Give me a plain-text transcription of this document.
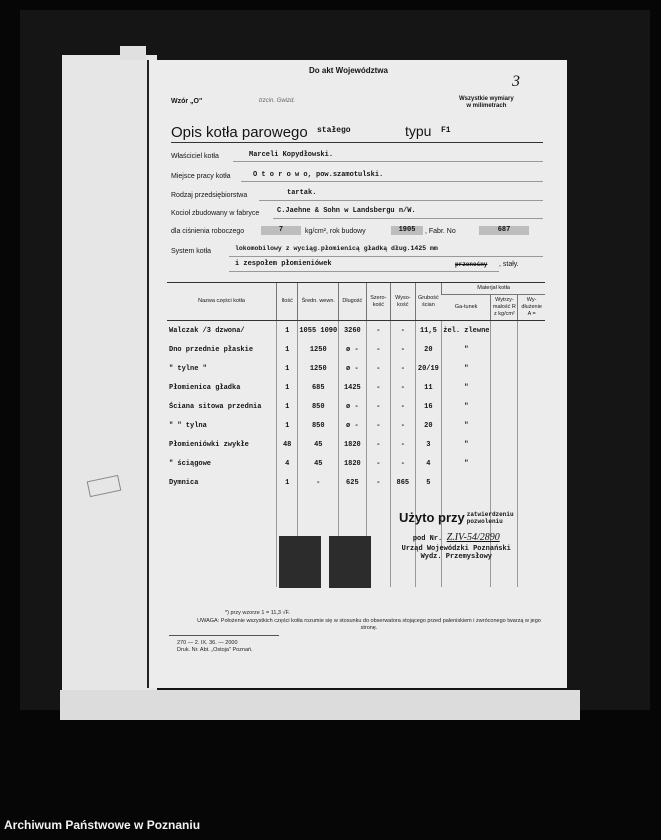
Do akt Województwa
3
Wzór „O"	trzcin. Gwizd.	Wszystkie wymiary
w milimetrach
Opis kotła parowego stałego	typu F1
Właściciel kotła	Marceli Kopydłowski.
Miejsce pracy kotła	O t o r o w o, pow.szamotulski.
Rodzaj przedsiębiorstwa	tartak.
Kocioł zbudowany w fabryce	C.Jaehne & Sohn w Landsbergu n/W.
dla ciśnienia roboczego	7	kg/cm², rok budowy	1905	, Fabr. No	687
System kotła	lokomobilowy z wyciąg.płomienicą gładką dług.1425 mm
i zespołem płomieniówek	przenośny , stały.
Nazwa części kotła	Ilość	Średn. wewn.	Długość	Szero-kość	Wyso-kość	Grubość ścian	Materjał kotła		
							Ga-tunek	Wytrzy-małość R z kg/cm²	Wy-dłużenie A =
Walczak /3 dzwona/	1	1055 1090	3260	-	-	11,5	żel. zlewne		
Dno przednie płaskie	1	1250	ø -	-	-	20	"		
" tylne "	1	1250	ø -	-	-	20/19	"		
Płomienica gładka	1	685	1425	-	-	11	"		
Ściana sitowa przednia	1	850	ø -	-	-	16	"		
" " tylna	1	850	ø -	-	-	20	"		
Płomieniówki zwykłe	48	45	1820	-	-	3	"		
" ściągowe	4	45	1820	-	-	4	"		
Dymnica	1	-	625	-	865	5			

Użyto przy zatwierdzeniu
pozwoleniu
pod Nr. Z.IV-54/2890
Urząd Wojewódzki Poznański
Wydz. Przemysłowy
*) przy wzorze 1 = 11,3 √F.
UWAGA: Położenie wszystkich części kotła rozumie się w stosunku do obserwatora stojącego przed paleniskiem i zwróconego twarzą w jego stronę.
270 — 2. IX. 36. — 2000
Druk. Nr. Abt. „Ostoja" Poznań.
Archiwum Państwowe w Poznaniu
